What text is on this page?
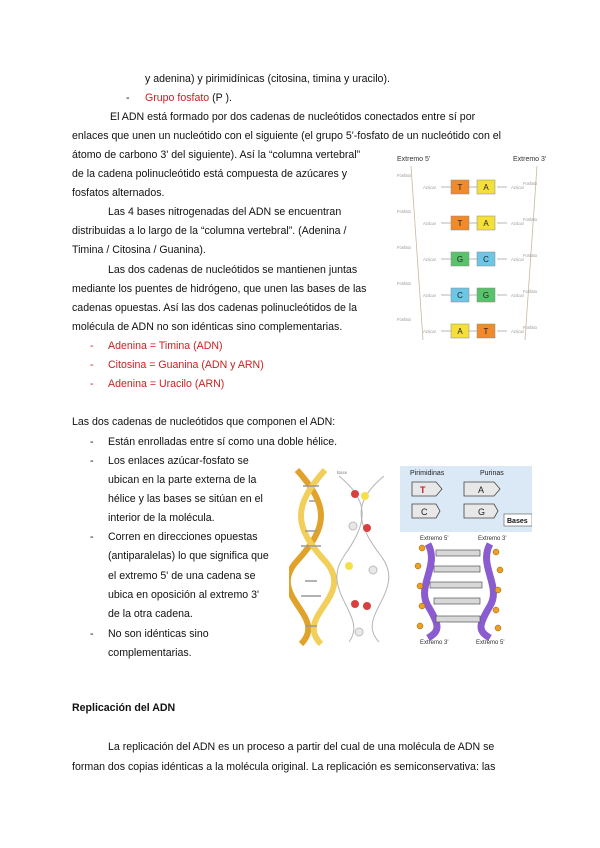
y adenina) y pirimidínicas (citosina, timina y uracilo).
- Grupo fosfato (P ).
El ADN está formado por dos cadenas de nucleótidos conectados entre sí por
enlaces que unen un nucleótido con el siguiente (el grupo 5'-fosfato de un nucleótido con el
átomo de carbono 3' del siguiente). Así la “columna vertebral”
de la cadena polinucleótido está compuesta de azúcares y
fosfatos alternados.
Las 4 bases nitrogenadas del ADN se encuentran
distribuidas a lo largo de la “columna vertebral”. (Adenina /
Timina / Citosina / Guanina).
Las dos cadenas de nucleótidos se mantienen juntas
mediante los puentes de hidrógeno, que unen las bases de las
cadenas opuestas. Así las dos cadenas polinucleótidos de la
molécula de ADN no son idénticas sino complementarias.
- Adenina = Timina (ADN)
- Citosina = Guanina (ADN y ARN)
- Adenina = Uracilo (ARN)
Las dos cadenas de nucleótidos que componen el ADN:
- Están enrolladas entre sí como una doble hélice.
- Los enlaces azúcar-fosfato se
ubican en la parte externa de la
hélice y las bases se sitúan en el
interior de la molécula.
- Corren en direcciones opuestas
(antiparalelas) lo que significa que
el extremo 5' de una cadena se
ubica en oposición al extremo 3'
de la otra cadena.
- No son idénticas sino
complementarias.
Replicación del ADN
La replicación del ADN es un proceso a partir del cual de una molécula de ADN se
forman dos copias idénticas a la molécula original. La replicación es semiconservativa: las
Extremo 5'	Extremo 3'
Fosfato
Fosfato
Azúcar	Azúcar
T	A
Fosfato
Fosfato
Azúcar	Azúcar
T	A
Fosfato
Fosfato
Azúcar	Azúcar
G C
Fosfato
Fosfato
Azúcar	Azúcar
C G
Fosfato
Fosfato
Azúcar	Azúcar
A	T
Base	Pirimidinas	Purinas
T	A
C	G
Bases
Extremo 5'	Extremo 3'
Extremo 3'	Extremo 5'
